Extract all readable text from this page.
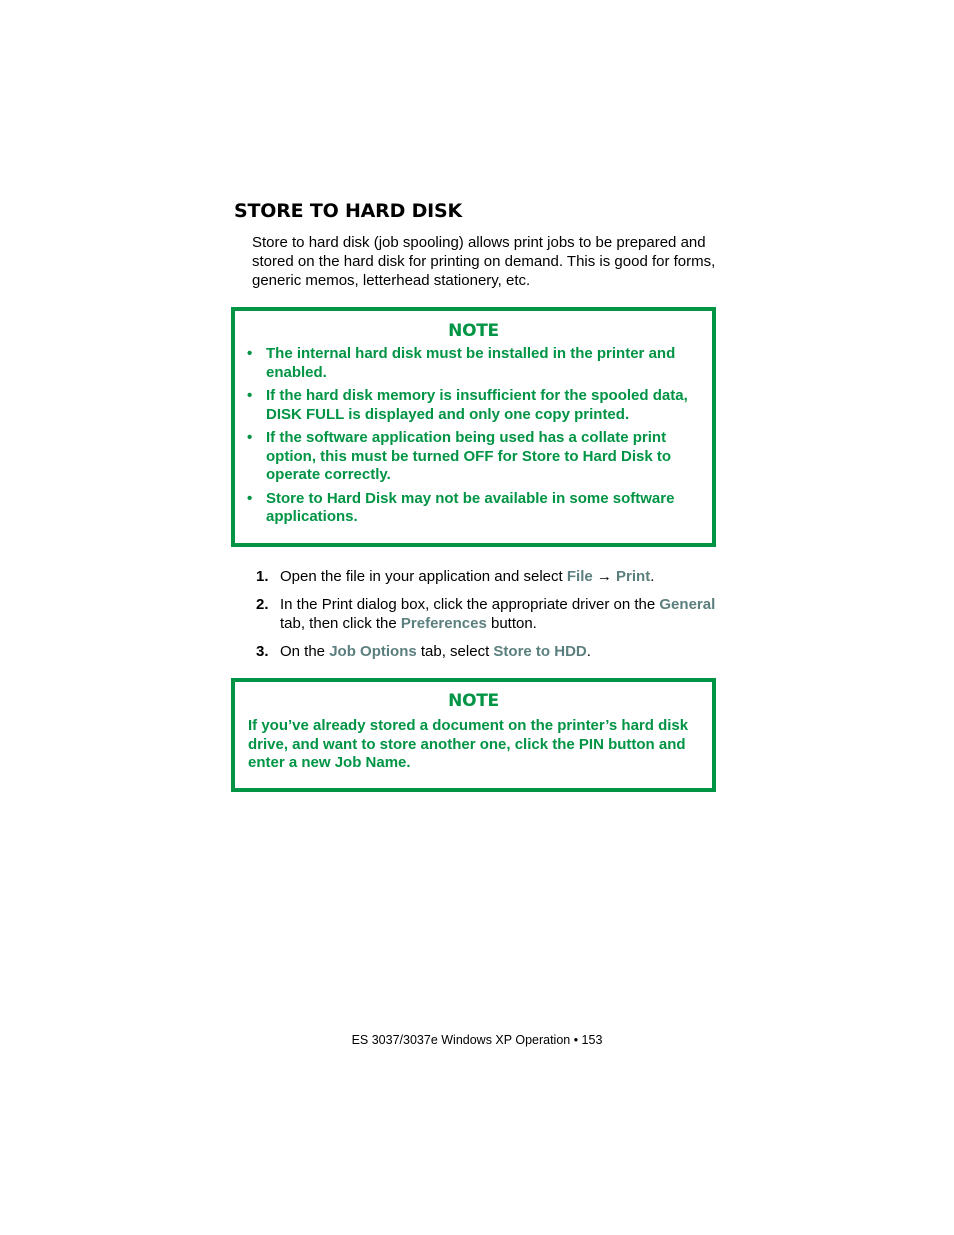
STORE TO HARD DISK

Store to hard disk (job spooling) allows print jobs to be prepared and stored on the hard disk for printing on demand. This is good for forms, generic memos, letterhead stationery, etc.

NOTE
• The internal hard disk must be installed in the printer and enabled.
• If the hard disk memory is insufficient for the spooled data, DISK FULL is displayed and only one copy printed.
• If the software application being used has a collate print option, this must be turned OFF for Store to Hard Disk to operate correctly.
• Store to Hard Disk may not be available in some software applications.
1. Open the file in your application and select File → Print.
2. In the Print dialog box, click the appropriate driver on the General tab, then click the Preferences button.
3. On the Job Options tab, select Store to HDD.
NOTE

If you’ve already stored a document on the printer’s hard disk drive, and want to store another one, click the PIN button and enter a new Job Name.

ES 3037/3037e Windows XP Operation • 153
